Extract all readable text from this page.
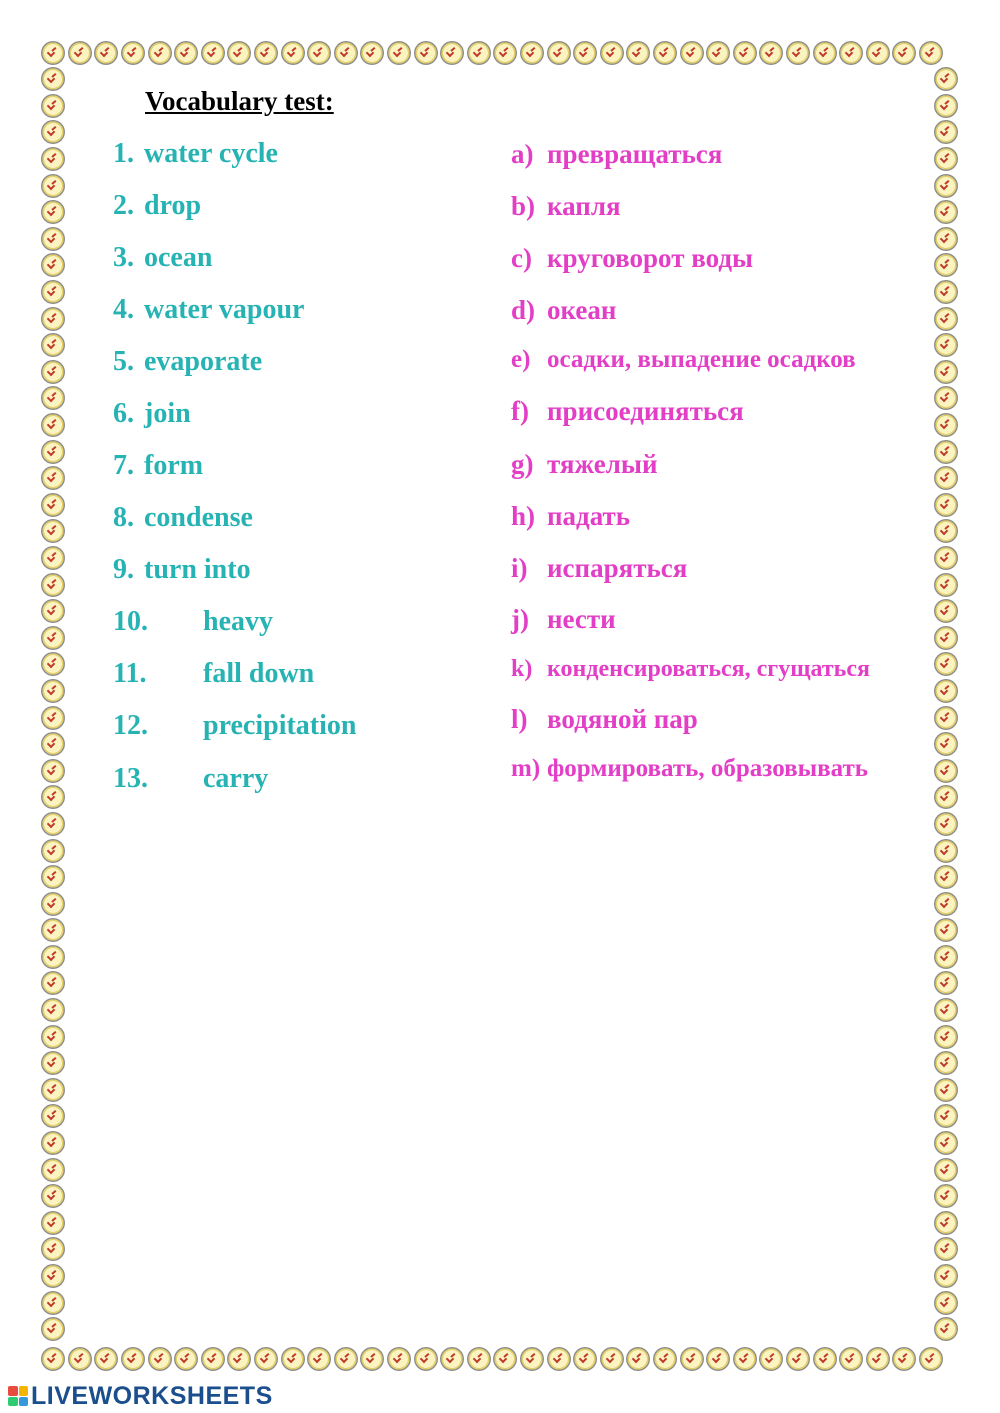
Vocabulary test:
1. water cycle
2. drop
3. ocean
4. water vapour
5. evaporate
6. join
7. form
8. condense
9. turn into
10. heavy
11. fall down
12. precipitation
13. carry
a) превращаться
b) капля
c) круговорот воды
d) океан
e) осадки, выпадение осадков
f) присоединяться
g) тяжелый
h) падать
i) испаряться
j) нести
k) конденсироваться, сгущаться
l) водяной пар
m) формировать, образовывать
LIVEWORKSHEETS
